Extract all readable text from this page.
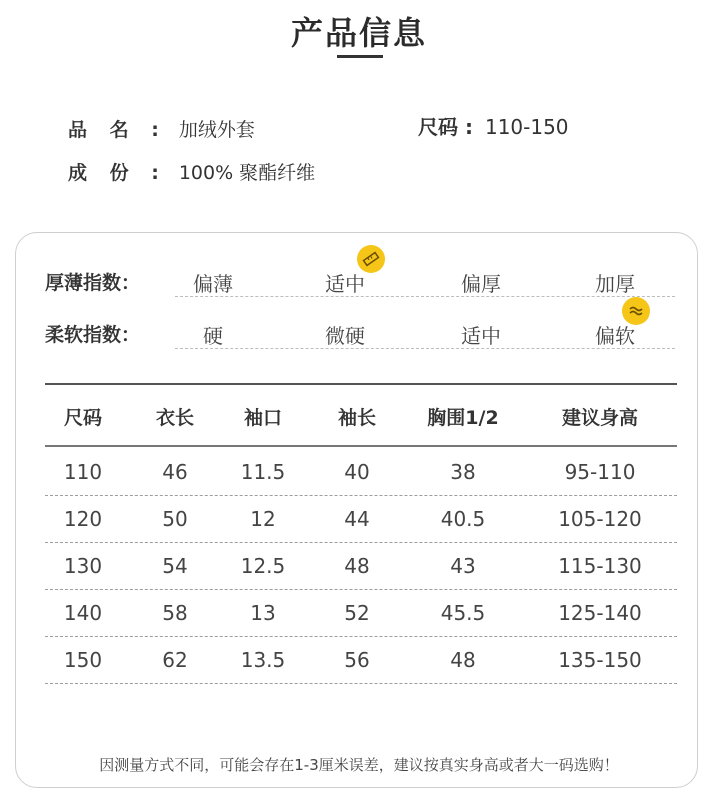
产品信息
品 名 : 加绒外套	尺码 : 110-150
成 份 : 100% 聚酯纤维
厚薄指数：	偏薄	适中	偏厚	加厚
柔软指数：	硬	微硬	适中	偏软
尺码	衣长	袖口	袖长	胸围1/2	建议身高
110	46	11.5	40	38	95-110
120	50	12	44	40.5	105-120
130	54	12.5	48	43	115-130
140	58	13	52	45.5	125-140
150	62	13.5	56	48	135-150
因测量方式不同，可能会存在1-3厘米误差，建议按真实身高或者大一码选购！
